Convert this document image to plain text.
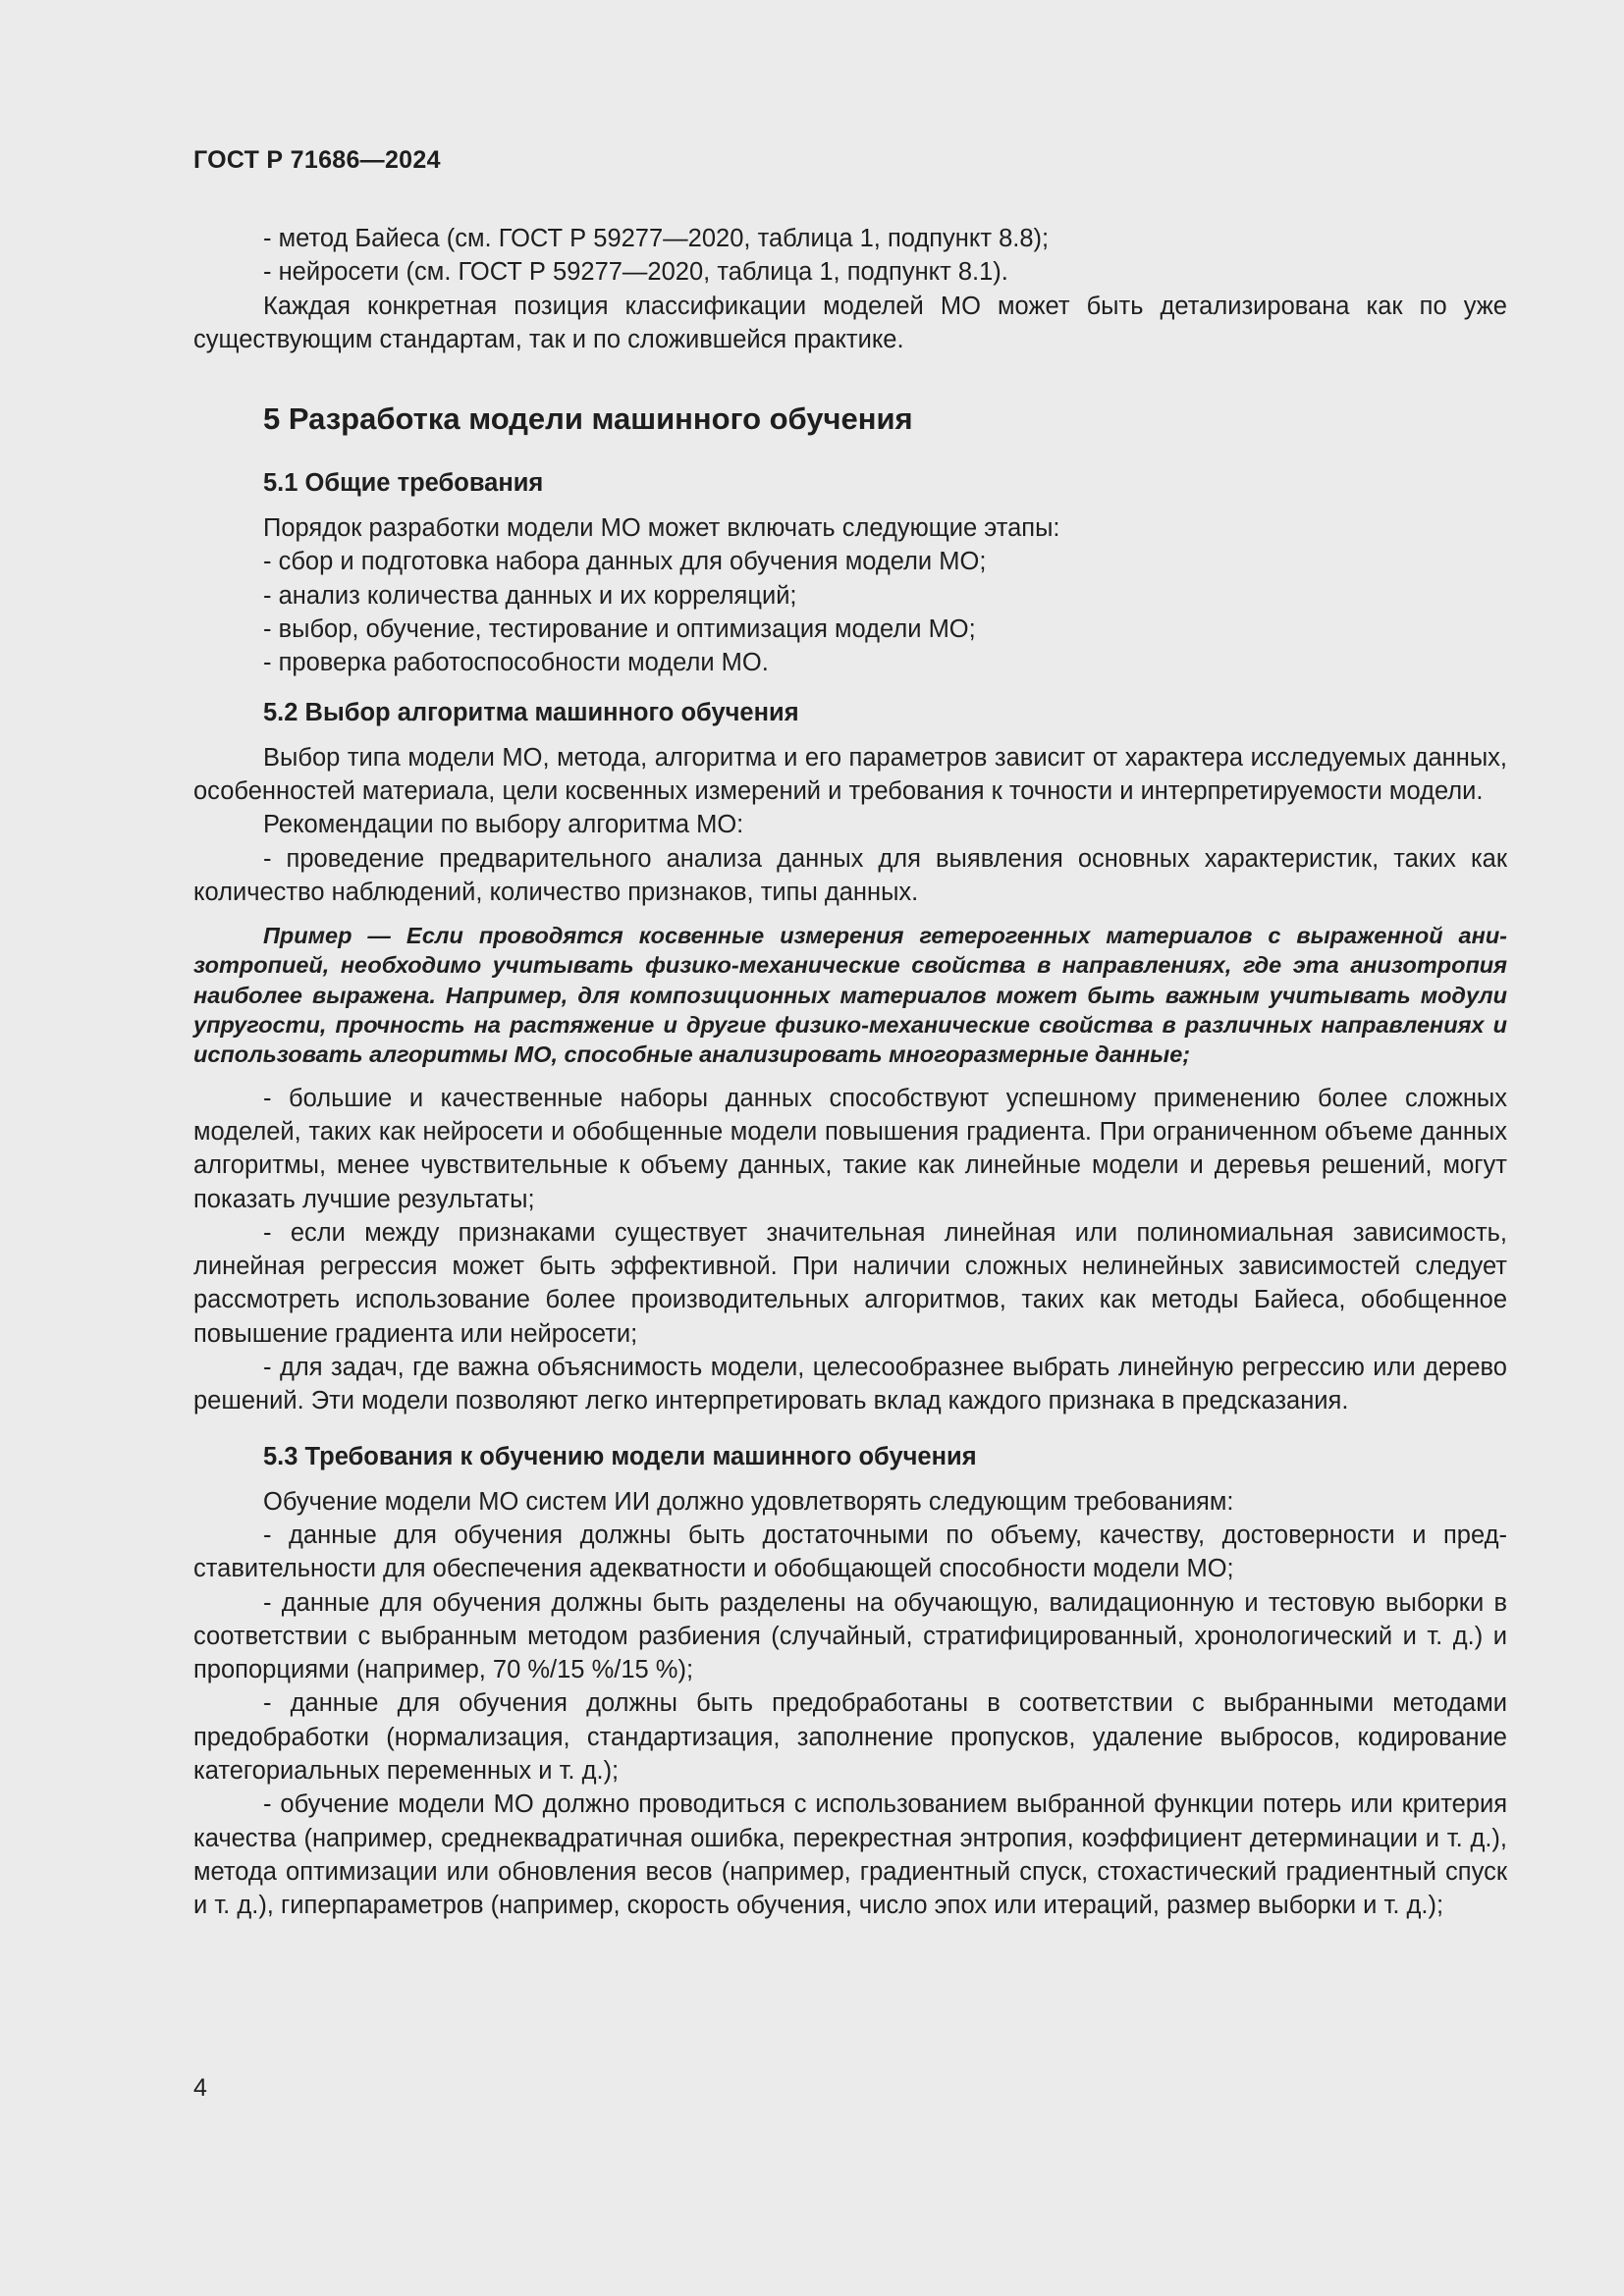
ГОСТ Р 71686—2024

- метод Байеса (см. ГОСТ Р 59277—2020, таблица 1, подпункт 8.8);

- нейросети (см. ГОСТ Р 59277—2020, таблица 1, подпункт 8.1).

Каждая конкретная позиция классификации моделей МО может быть детализирована как по уже существующим стандартам, так и по сложившейся практике.

5 Разработка модели машинного обучения

5.1 Общие требования

Порядок разработки модели МО может включать следующие этапы:

- сбор и подготовка набора данных для обучения модели МО;

- анализ количества данных и их корреляций;

- выбор, обучение, тестирование и оптимизация модели МО;

- проверка работоспособности модели МО.

5.2 Выбор алгоритма машинного обучения

Выбор типа модели МО, метода, алгоритма и его параметров зависит от характера исследуемых данных, особенностей материала, цели косвенных измерений и требования к точности и интерпретируемости модели.

Рекомендации по выбору алгоритма МО:

- проведение предварительного анализа данных для выявления основных характеристик, таких как количество наблюдений, количество признаков, типы данных.

Пример — Если проводятся косвенные измерения гетерогенных материалов с выраженной анизотропией, необходимо учитывать физико-механические свойства в направлениях, где эта анизотропия наиболее выражена. Например, для композиционных материалов может быть важным учитывать модули упругости, прочность на растяжение и другие физико-механические свойства в различных направлениях и использовать алгоритмы МО, способные анализировать многоразмерные данные;

- большие и качественные наборы данных способствуют успешному применению более сложных моделей, таких как нейросети и обобщенные модели повышения градиента. При ограниченном объеме данных алгоритмы, менее чувствительные к объему данных, такие как линейные модели и деревья решений, могут показать лучшие результаты;

- если между признаками существует значительная линейная или полиномиальная зависимость, линейная регрессия может быть эффективной. При наличии сложных нелинейных зависимостей следует рассмотреть использование более производительных алгоритмов, таких как методы Байеса, обобщенное повышение градиента или нейросети;

- для задач, где важна объяснимость модели, целесообразнее выбрать линейную регрессию или дерево решений. Эти модели позволяют легко интерпретировать вклад каждого признака в предсказания.

5.3 Требования к обучению модели машинного обучения

Обучение модели МО систем ИИ должно удовлетворять следующим требованиям:

- данные для обучения должны быть достаточными по объему, качеству, достоверности и представительности для обеспечения адекватности и обобщающей способности модели МО;

- данные для обучения должны быть разделены на обучающую, валидационную и тестовую выборки в соответствии с выбранным методом разбиения (случайный, стратифицированный, хронологический и т. д.) и пропорциями (например, 70 %/15 %/15 %);

- данные для обучения должны быть предобработаны в соответствии с выбранными методами предобработки (нормализация, стандартизация, заполнение пропусков, удаление выбросов, кодирование категориальных переменных и т. д.);

- обучение модели МО должно проводиться с использованием выбранной функции потерь или критерия качества (например, среднеквадратичная ошибка, перекрестная энтропия, коэффициент детерминации и т. д.), метода оптимизации или обновления весов (например, градиентный спуск, стохастический градиентный спуск и т. д.), гиперпараметров (например, скорость обучения, число эпох или итераций, размер выборки и т. д.);

4
